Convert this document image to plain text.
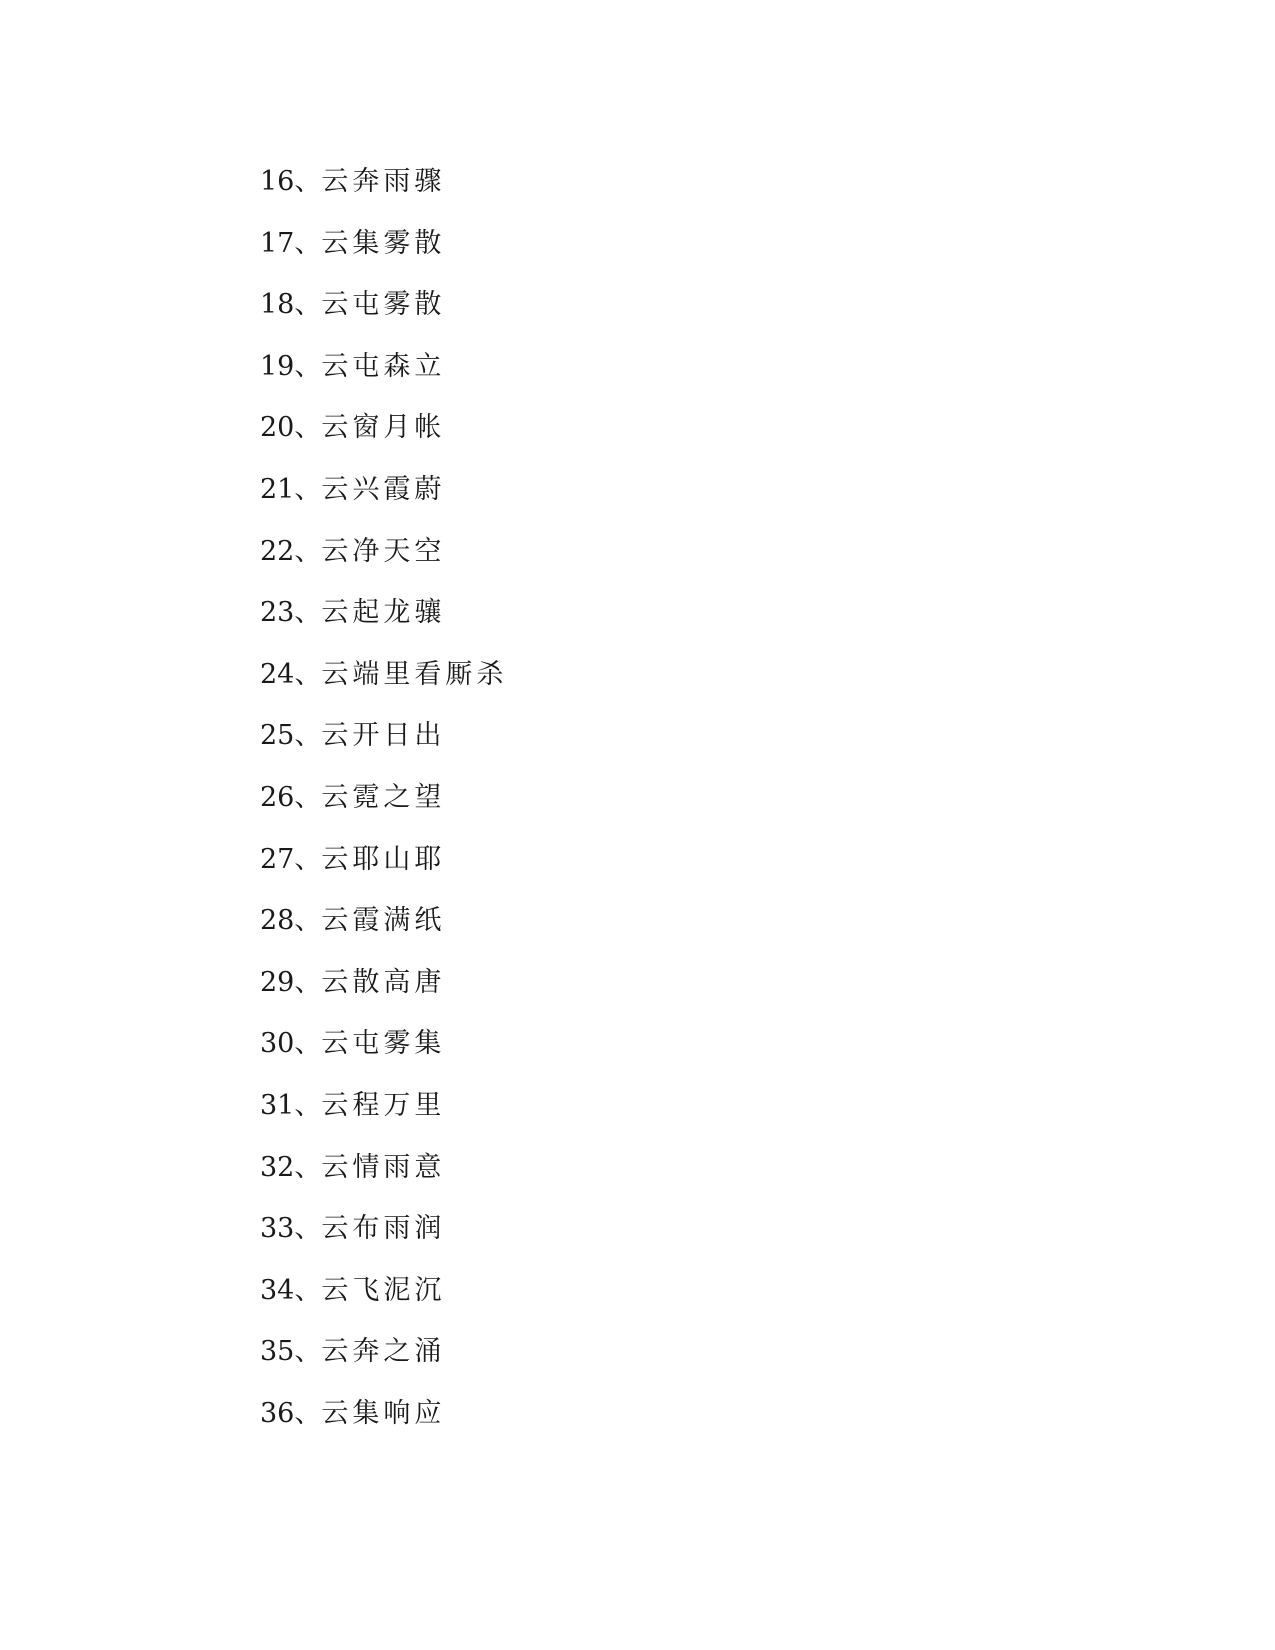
16、云奔雨骤
17、云集雾散
18、云屯雾散
19、云屯森立
20、云窗月帐
21、云兴霞蔚
22、云净天空
23、云起龙骧
24、云端里看厮杀
25、云开日出
26、云霓之望
27、云耶山耶
28、云霞满纸
29、云散高唐
30、云屯雾集
31、云程万里
32、云情雨意
33、云布雨润
34、云飞泥沉
35、云奔之涌
36、云集响应
